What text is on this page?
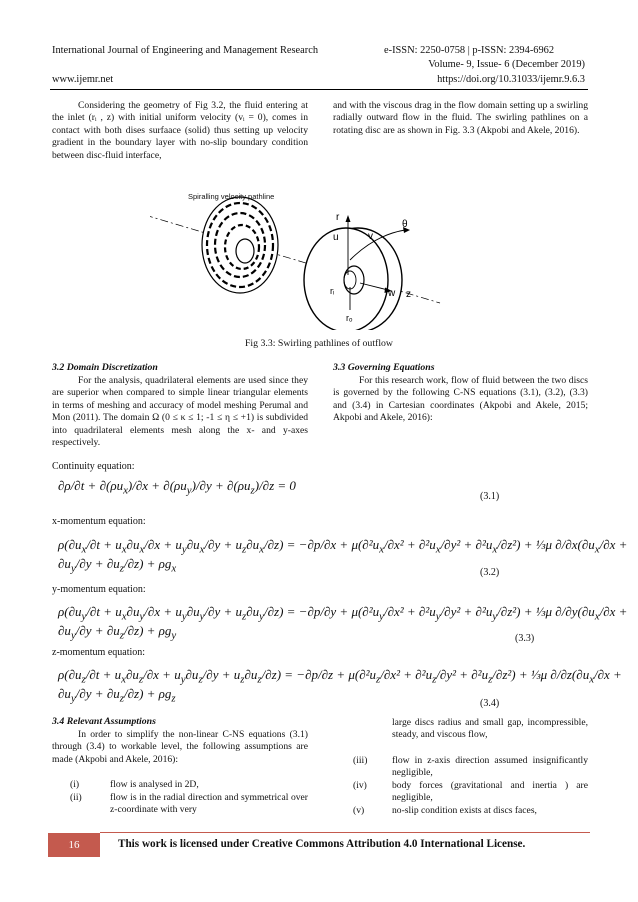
International Journal of Engineering and Management Research	e-ISSN: 2250-0758 | p-ISSN: 2394-6962
Volume- 9, Issue- 6 (December 2019)
www.ijemr.net	https://doi.org/10.31033/ijemr.9.6.3
Considering the geometry of Fig 3.2, the fluid entering at the inlet (rᵢ , z) with initial uniform velocity (vᵢ = 0), comes in contact with both dises surfaace (solid) thus setting up velocity gradient in the boundary layer with no-slip boundary condition between disc-fluid interface,
and with the viscous drag in the flow domain setting up a swirling radially outward flow in the fluid. The swirling pathlines on a rotating disc are as shown in Fig. 3.3 (Akpobi and Akele, 2016).
r
u	v
θ
rᵢ	w z
rₒ
Spiralling velocity pathline
Fig 3.3: Swirling pathlines of outflow
3.2 Domain Discretization
For the analysis, quadrilateral elements are used since they are superior when compared to simple linear triangular elements in terms of meshing and accuracy of model meshing Perumal and Mon (2011). The domain Ω (0 ≤ κ ≤ 1; -1 ≤ η ≤ +1) is subdivided into quadrilateral elements mesh along the x- and y-axes respectively.
3.3 Governing Equations
For this research work, flow of fluid between the two discs is governed by the following C-NS equations (3.1), (3.2), (3.3) and (3.4) in Cartesian coordinates (Akpobi and Akele, 2015; Akpobi and Akele, 2016):
Continuity equation:
$\partial\rho/\partial t + \partial(\rho u_x)/\partial x + \partial(\rho u_y)/\partial y + \partial(\rho u_z)/\partial z = 0$
(3.1)
x-momentum equation:
$\rho(\partial u_x/\partial t + u_x\partial u_x/\partial x + u_y\partial u_x/\partial y + u_z\partial u_x/\partial z) = -\partial p/\partial x + \mu(\partial^2u_x/\partial x^2 + \partial^2u_x/\partial y^2 + \partial^2u_x/\partial z^2)$ + ⅓μ $\partial/\partial x(\partial u_x/\partial x + \partial u_y/\partial y + \partial u_z/\partial z) + \rho g_x$	(3.2)
y-momentum equation:
$\rho(\partial u_y/\partial t + u_x\partial u_y/\partial x + u_y\partial u_y/\partial y + u_z\partial u_y/\partial z) = -\partial p/\partial y + \mu(\partial^2u_y/\partial x^2 + \partial^2u_y/\partial y^2 + \partial^2u_y/\partial z^2)$ + ⅓μ $\partial/\partial y(\partial u_x/\partial x + \partial u_y/\partial y + \partial u_z/\partial z) + \rho g_y$	(3.3)
z-momentum equation:
$\rho(\partial u_z/\partial t + u_x\partial u_z/\partial x + u_y\partial u_z/\partial y + u_z\partial u_z/\partial z) = -\partial p/\partial z + \mu(\partial^2u_z/\partial x^2 + \partial^2u_z/\partial y^2 + \partial^2u_z/\partial z^2)$ + ⅓μ $\partial/\partial z(\partial u_x/\partial x + \partial u_y/\partial y + \partial u_z/\partial z) + \rho g_z$	(3.4)
3.4 Relevant Assumptions
In order to simplify the non-linear C-NS equations (3.1) through (3.4) to workable level, the following assumptions are made (Akpobi and Akele, 2016):
(i)	flow is analysed in 2D,
(ii)	flow is in the radial direction and symmetrical over z-coordinate with very
large discs radius and small gap, incompressible, steady, and viscous flow,
(iii)	flow in z-axis direction assumed insignificantly negligible,
(iv)	body forces (gravitational and inertia ) are negligible,
(v)	no-slip condition exists at discs faces,
16	This work is licensed under Creative Commons Attribution 4.0 International License.
